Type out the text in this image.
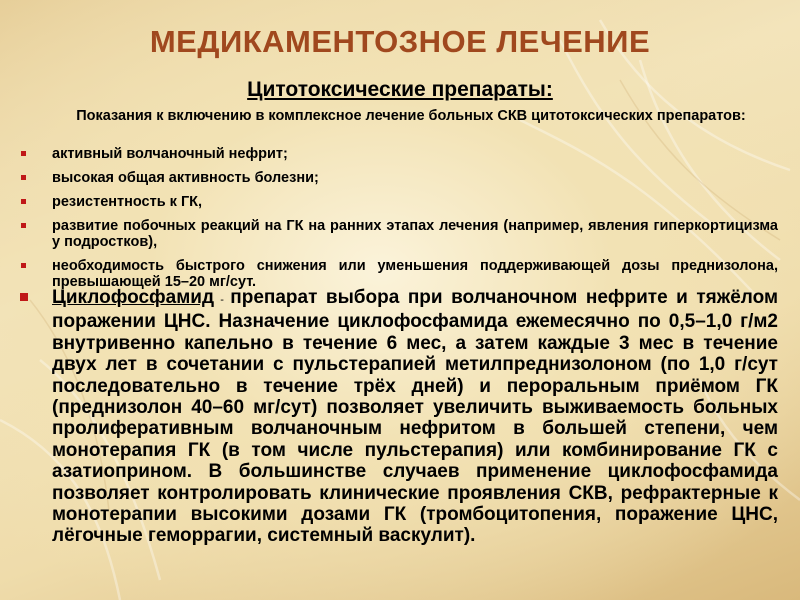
МЕДИКАМЕНТОЗНОЕ ЛЕЧЕНИЕ
Цитотоксические препараты:

Показания к включению в комплексное лечение больных СКВ цитотоксических препаратов:

активный волчаночный нефрит;
высокая общая активность болезни;
резистентность к ГК,
развитие побочных реакций на ГК на ранних этапах лечения (например, явления гиперкортицизма у подростков),
необходимость быстрого снижения или уменьшения поддерживающей дозы преднизолона, превышающей 15–20 мг/сут.

Циклофосфамид - препарат выбора при волчаночном нефрите и тяжёлом поражении ЦНС. Назначение циклофосфамида ежемесячно по 0,5–1,0 г/м2 внутривенно капельно в течение 6 мес, а затем каждые 3 мес в течение двух лет в сочетании с пульстерапией метилпреднизолоном (по 1,0 г/сут последовательно в течение трёх дней) и пероральным приёмом ГК (преднизолон 40–60 мг/сут) позволяет увеличить выживаемость больных пролиферативным волчаночным нефритом в большей степени, чем монотерапия ГК (в том числе пульстерапия) или комбинирование ГК с азатиоприном. В большинстве случаев применение циклофосфамида позволяет контролировать клинические проявления СКВ, рефрактерные к монотерапии высокими дозами ГК (тромбоцитопения, поражение ЦНС, лёгочные геморрагии, системный васкулит).
